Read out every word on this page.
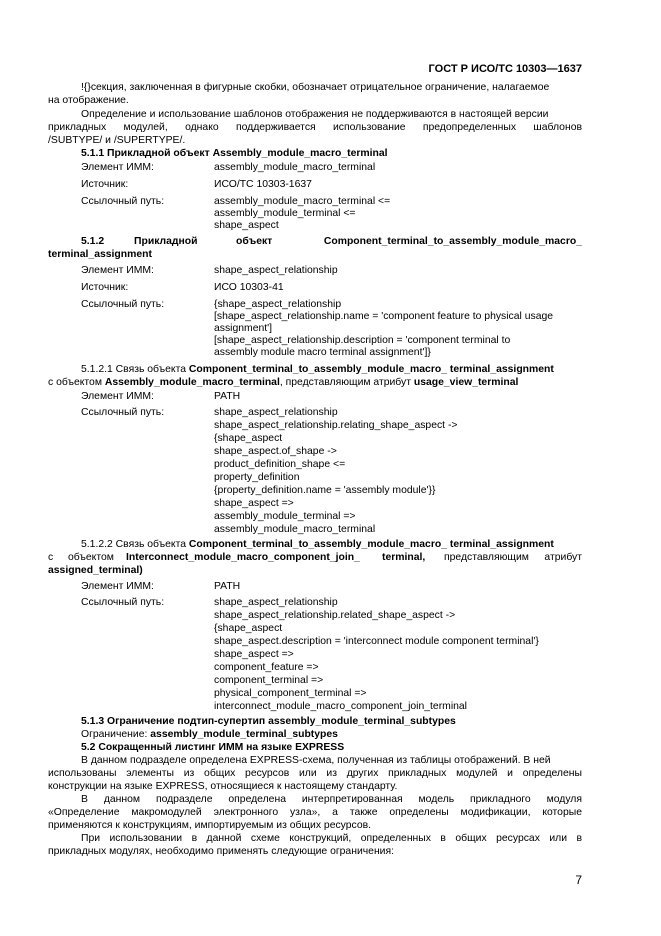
ГОСТ Р ИСО/ТС 10303—1637
!{}секция, заключенная в фигурные скобки, обозначает отрицательное ограничение, налагаемое
на отображение.
Определение и использование шаблонов отображения не поддерживаются в настоящей версии
прикладных модулей, однако поддерживается использование предопределенных шаблонов
/SUBTYPE/ и /SUPERTYPE/.
5.1.1 Прикладной объект Assembly_module_macro_terminal
Элемент ИММ:	assembly_module_macro_terminal
Источник:	ИСО/ТС 10303-1637
Ссылочный путь:	assembly_module_macro_terminal <=
assembly_module_terminal <=
shape_aspect
5.1.2	Прикладной	объект	Component_terminal_to_assembly_module_macro_
terminal_assignment
Элемент ИММ:	shape_aspect_relationship
Источник:	ИСО 10303-41
Ссылочный путь:	{shape_aspect_relationship
[shape_aspect_relationship.name = 'component feature to physical usage
assignment']
[shape_aspect_relationship.description = 'component terminal to
assembly module macro terminal assignment']}
5.1.2.1 Связь объекта Component_terminal_to_assembly_module_macro_ terminal_assignment
с объектом Assembly_module_macro_terminal, представляющим атрибут usage_view_terminal
Элемент ИММ:	PATH
Ссылочный путь:	shape_aspect_relationship
shape_aspect_relationship.relating_shape_aspect ->
{shape_aspect
shape_aspect.of_shape ->
product_definition_shape <=
property_definition
{property_definition.name = 'assembly module'}}
shape_aspect =>
assembly_module_terminal =>
assembly_module_macro_terminal
5.1.2.2 Связь объекта Component_terminal_to_assembly_module_macro_ terminal_assignment
с объектом Interconnect_module_macro_component_join_ terminal, представляющим атрибут
assigned_terminal)
Элемент ИММ:	PATH
Ссылочный путь:	shape_aspect_relationship
shape_aspect_relationship.related_shape_aspect ->
{shape_aspect
shape_aspect.description = 'interconnect module component terminal'}
shape_aspect =>
component_feature =>
component_terminal =>
physical_component_terminal =>
interconnect_module_macro_component_join_terminal
5.1.3 Ограничение подтип-супертип assembly_module_terminal_subtypes
Ограничение: assembly_module_terminal_subtypes
5.2 Сокращенный листинг ИММ на языке EXPRESS
В данном подразделе определена EXPRESS-схема, полученная из таблицы отображений. В ней
использованы элементы из общих ресурсов или из других прикладных модулей и определены
конструкции на языке EXPRESS, относящиеся к настоящему стандарту.
В данном подразделе определена интерпретированная модель прикладного модуля
«Определение макромодулей электронного узла», а также определены модификации, которые
применяются к конструкциям, импортируемым из общих ресурсов.
При использовании в данной схеме конструкций, определенных в общих ресурсах или в
прикладных модулях, необходимо применять следующие ограничения:
7
